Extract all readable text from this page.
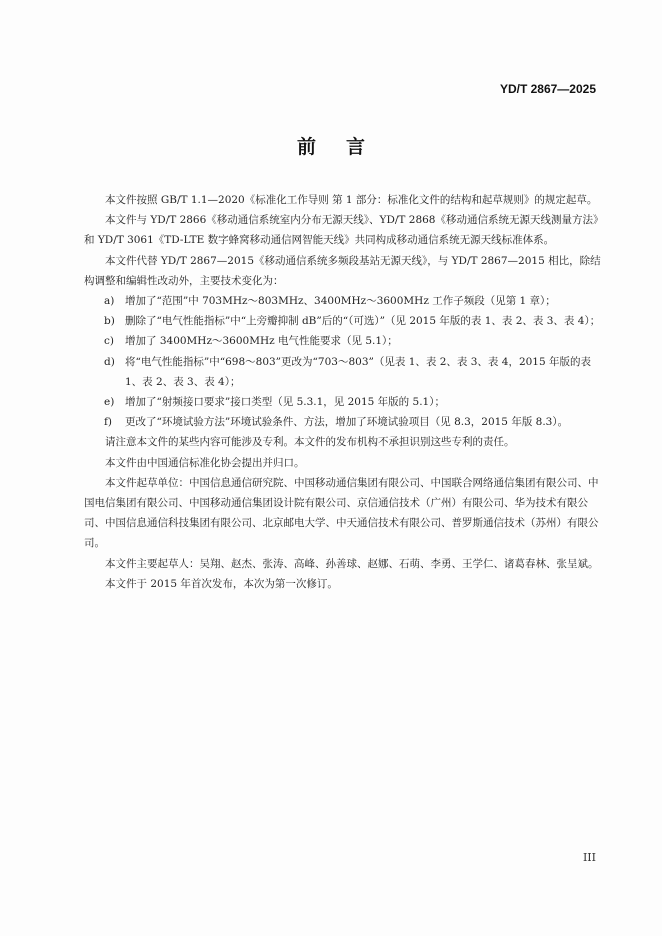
YD/T 2867—2025
前言

本文件按照 GB/T 1.1—2020《标准化工作导则 第 1 部分：标准化文件的结构和起草规则》的规定起草。

本文件与 YD/T 2866《移动通信系统室内分布无源天线》、YD/T 2868《移动通信系统无源天线测量方法》和 YD/T 3061《TD-LTE 数字蜂窝移动通信网智能天线》共同构成移动通信系统无源天线标准体系。

本文件代替 YD/T 2867—2015《移动通信系统多频段基站无源天线》，与 YD/T 2867—2015 相比，除结构调整和编辑性改动外，主要技术变化为：

a) 增加了“范围”中 703MHz～803MHz、3400MHz～3600MHz 工作子频段（见第 1 章）；

b) 删除了“电气性能指标”中“上旁瓣抑制 dB”后的“（可选）”（见 2015 年版的表 1、表 2、表 3、表 4）；

c) 增加了 3400MHz～3600MHz 电气性能要求（见 5.1）；

d) 将“电气性能指标”中“698～803”更改为“703～803”（见表 1、表 2、表 3、表 4，2015 年版的表 1、表 2、表 3、表 4）；

e) 增加了“射频接口要求”接口类型（见 5.3.1，见 2015 年版的 5.1）；

f) 更改了“环境试验方法”环境试验条件、方法，增加了环境试验项目（见 8.3，2015 年版 8.3）。

请注意本文件的某些内容可能涉及专利。本文件的发布机构不承担识别这些专利的责任。

本文件由中国通信标准化协会提出并归口。

本文件起草单位：中国信息通信研究院、中国移动通信集团有限公司、中国联合网络通信集团有限公司、中国电信集团有限公司、中国移动通信集团设计院有限公司、京信通信技术（广州）有限公司、华为技术有限公司、中国信息通信科技集团有限公司、北京邮电大学、中天通信技术有限公司、普罗斯通信技术（苏州）有限公司。

本文件主要起草人：吴翔、赵杰、张涛、高峰、孙善球、赵娜、石萌、李勇、王学仁、诸葛春林、张呈斌。

本文件于 2015 年首次发布，本次为第一次修订。

III
